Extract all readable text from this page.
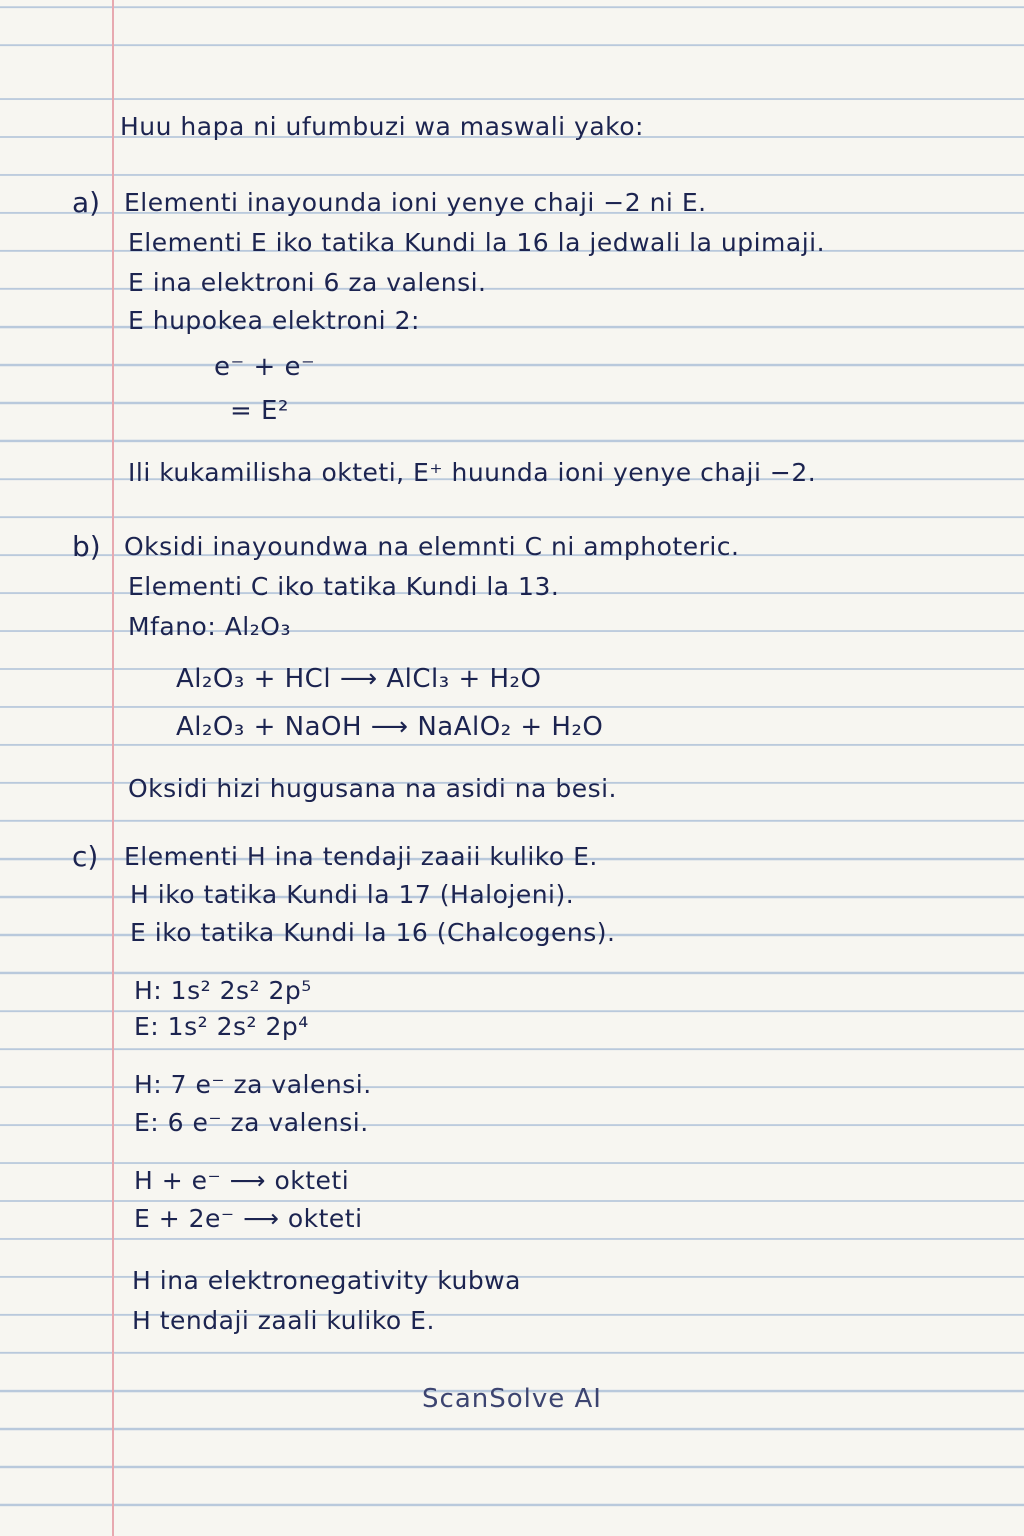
Huu hapa ni ufumbuzi wa maswali yako:
a) Elementi inayounda ioni yenye chaji −2 ni E.
Elementi E iko tatika Kundi la 16 la jedwali la upimaji.
E ina elektroni 6 za valensi.
E hupokea elektroni 2:
e⁻ + e⁻
= E²
Ili kukamilisha okteti, E⁺ huunda ioni yenye chaji −2.
b) Oksidi inayoundwa na elemnti C ni amphoteric.
Elementi C iko tatika Kundi la 13.
Mfano: Al₂O₃
Al₂O₃ + HCl ⟶ AlCl₃ + H₂O
Al₂O₃ + NaOH ⟶ NaAlO₂ + H₂O
Oksidi hizi hugusana na asidi na besi.
c) Elementi H ina tendaji zaaii kuliko E.
H iko tatika Kundi la 17 (Halojeni).
E iko tatika Kundi la 16 (Chalcogens).
H: 1s² 2s² 2p⁵
E: 1s² 2s² 2p⁴
H: 7 e⁻ za valensi.
E: 6 e⁻ za valensi.
H + e⁻ ⟶ okteti
E + 2e⁻ ⟶ okteti
H ina elektronegativity kubwa
H tendaji zaali kuliko E.
ScanSolve AI
